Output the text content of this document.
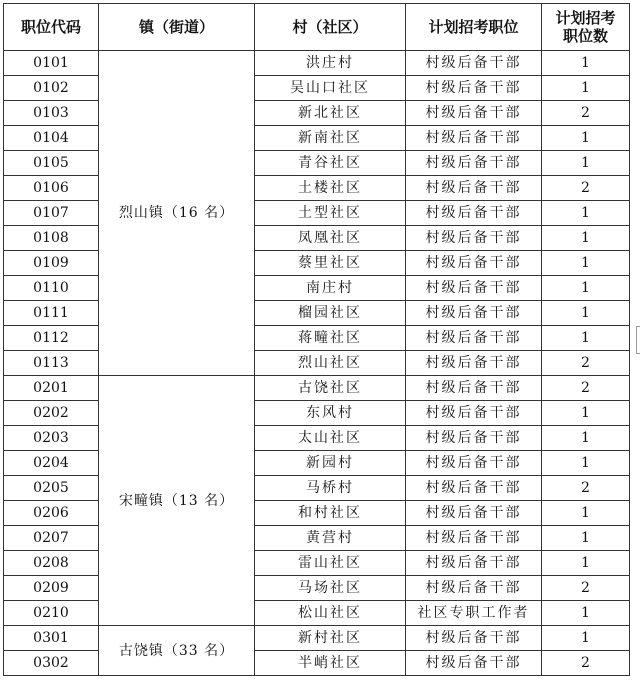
职位代码	镇（街道）	村（社区）	计划招考职位	计划招考
职位数

0101	烈山镇（16 名）	洪庄村	村级后备干部	1
0102		吴山口社区	村级后备干部	1
0103		新北社区	村级后备干部	2
0104		新南社区	村级后备干部	1
0105		青谷社区	村级后备干部	1
0106		土楼社区	村级后备干部	2
0107		土型社区	村级后备干部	1
0108		凤凰社区	村级后备干部	1
0109		蔡里社区	村级后备干部	1
0110		南庄村	村级后备干部	1
0111		榴园社区	村级后备干部	1
0112		蒋疃社区	村级后备干部	1
0113		烈山社区	村级后备干部	2
0201	宋疃镇（13 名）	古饶社区	村级后备干部	2
0202		东风村	村级后备干部	1
0203		太山社区	村级后备干部	1
0204		新园村	村级后备干部	1
0205		马桥村	村级后备干部	2
0206		和村社区	村级后备干部	1
0207		黄营村	村级后备干部	1
0208		雷山社区	村级后备干部	1
0209		马场社区	村级后备干部	2
0210		松山社区	社区专职工作者	1
0301	古饶镇（33 名）	新村社区	村级后备干部	1
0302		半峭社区	村级后备干部	2
